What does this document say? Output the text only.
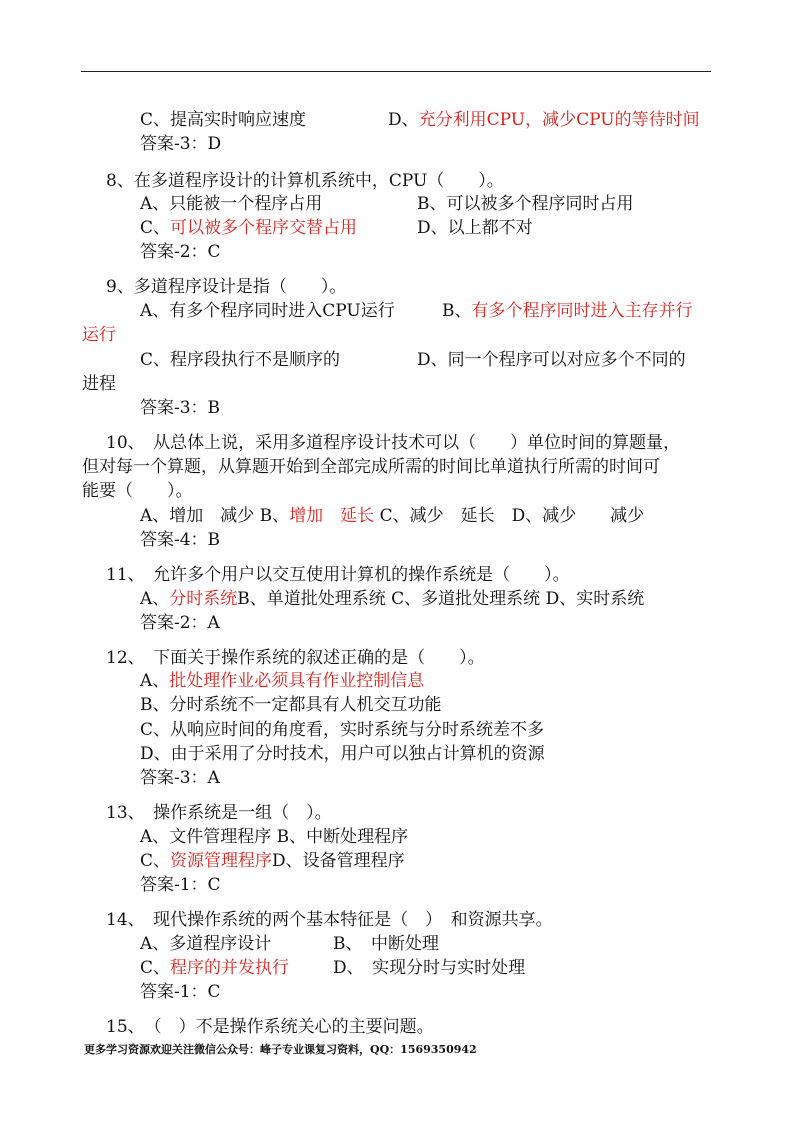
C、提高实时响应速度	D、充分利用CPU，减少CPU的等待时间
答案-3：D
8、在多道程序设计的计算机系统中，CPU（　　）。
A、只能被一个程序占用	B、可以被多个程序同时占用
C、可以被多个程序交替占用	D、以上都不对
答案-2：C
9、多道程序设计是指（　　）。
A、有多个程序同时进入CPU运行	B、有多个程序同时进入主存并行
运行
C、程序段执行不是顺序的	D、同一个程序可以对应多个不同的
进程
答案-3：B
10、　从总体上说，采用多道程序设计技术可以（　　）单位时间的算题量，
但对每一个算题，从算题开始到全部完成所需的时间比单道执行所需的时间可
能要（　　）。
A、增加　减少 B、增加　延长 C、减少　延长　D、减少　　减少
答案-4：B
11、　允许多个用户以交互使用计算机的操作系统是（　　）。
A、分时系统B、单道批处理系统 C、多道批处理系统 D、实时系统
答案-2：A
12、　下面关于操作系统的叙述正确的是（　　）。
A、批处理作业必须具有作业控制信息
B、分时系统不一定都具有人机交互功能
C、从响应时间的角度看，实时系统与分时系统差不多
D、由于采用了分时技术，用户可以独占计算机的资源
答案-3：A
13、　操作系统是一组（　）。
A、文件管理程序 B、中断处理程序
C、资源管理程序D、设备管理程序
答案-1：C
14、　现代操作系统的两个基本特征是（　）　和资源共享。
A、多道程序设计	B、　中断处理
C、程序的并发执行	D、　实现分时与实时处理
答案-1：C
15、　（　）不是操作系统关心的主要问题。
更多学习资源欢迎关注微信公众号：峰子专业课复习资料，QQ：1569350942
